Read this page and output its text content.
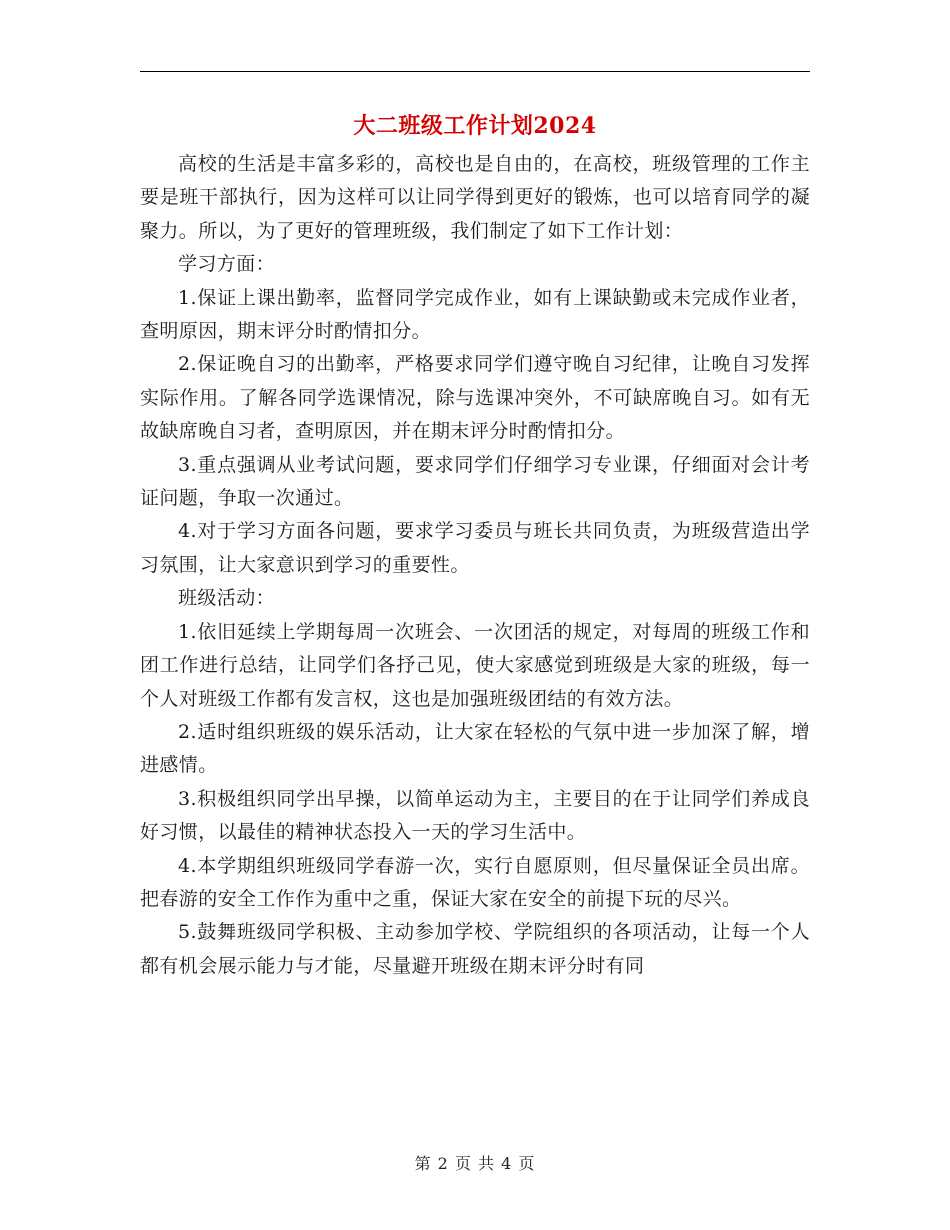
大二班级工作计划2024

高校的生活是丰富多彩的，高校也是自由的，在高校，班级管理的工作主要是班干部执行，因为这样可以让同学得到更好的锻炼，也可以培育同学的凝聚力。所以，为了更好的管理班级，我们制定了如下工作计划：

学习方面：

1.保证上课出勤率，监督同学完成作业，如有上课缺勤或未完成作业者，查明原因，期末评分时酌情扣分。

2.保证晚自习的出勤率，严格要求同学们遵守晚自习纪律，让晚自习发挥实际作用。了解各同学选课情况，除与选课冲突外，不可缺席晚自习。如有无故缺席晚自习者，查明原因，并在期末评分时酌情扣分。

3.重点强调从业考试问题，要求同学们仔细学习专业课，仔细面对会计考证问题，争取一次通过。

4.对于学习方面各问题，要求学习委员与班长共同负责，为班级营造出学习氛围，让大家意识到学习的重要性。

班级活动：

1.依旧延续上学期每周一次班会、一次团活的规定，对每周的班级工作和团工作进行总结，让同学们各抒己见，使大家感觉到班级是大家的班级，每一个人对班级工作都有发言权，这也是加强班级团结的有效方法。

2.适时组织班级的娱乐活动，让大家在轻松的气氛中进一步加深了解，增进感情。

3.积极组织同学出早操，以简单运动为主，主要目的在于让同学们养成良好习惯，以最佳的精神状态投入一天的学习生活中。

4.本学期组织班级同学春游一次，实行自愿原则，但尽量保证全员出席。把春游的安全工作作为重中之重，保证大家在安全的前提下玩的尽兴。

5.鼓舞班级同学积极、主动参加学校、学院组织的各项活动，让每一个人都有机会展示能力与才能，尽量避开班级在期末评分时有同

第 2 页 共 4 页
